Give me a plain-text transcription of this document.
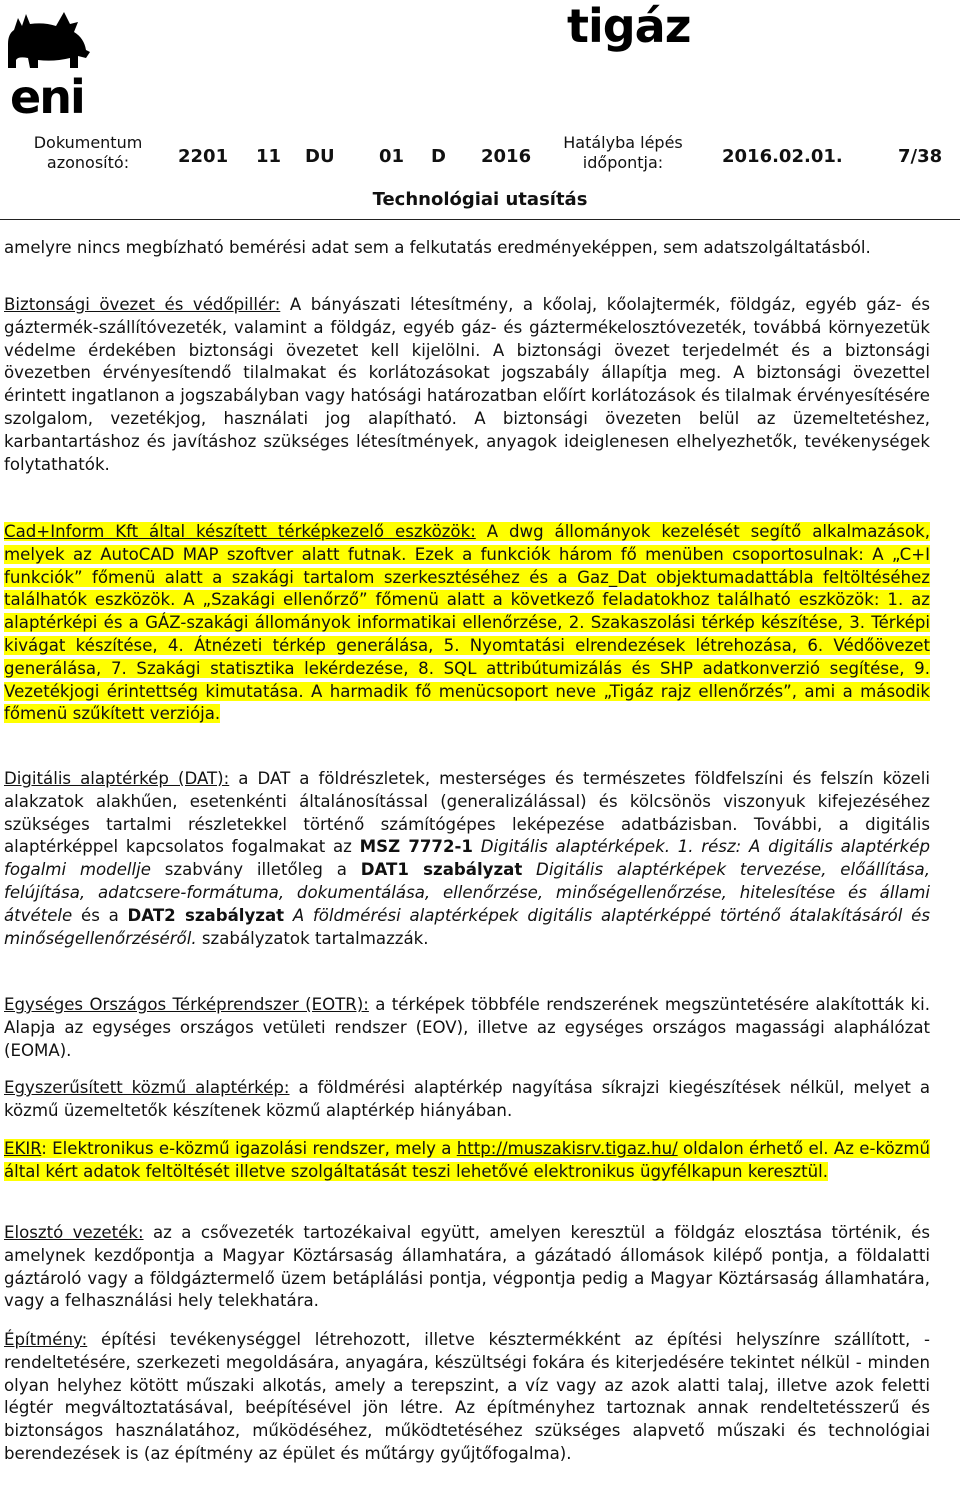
eni
tigáz
Dokumentum
azonosító:	2201 11 DU 01 D 2016
Hatályba lépés
időpontja:	2016.02.01.	7/38
Technológiai utasítás
amelyre nincs megbízható bemérési adat sem a felkutatás eredményeképpen, sem adatszolgáltatásból.
Biztonsági övezet és védőpillér: A bányászati létesítmény, a kőolaj, kőolajtermék, földgáz, egyéb gáz- és gáztermék-szállítóvezeték, valamint a földgáz, egyéb gáz- és gáztermékelosztóvezeték, továbbá környezetük védelme érdekében biztonsági övezetet kell kijelölni. A biztonsági övezet terjedelmét és a biztonsági övezetben érvényesítendő tilalmakat és korlátozásokat jogszabály állapítja meg. A biztonsági övezettel érintett ingatlanon a jogszabályban vagy hatósági határozatban előírt korlátozások és tilalmak érvényesítésére szolgalom, vezetékjog, használati jog alapítható. A biztonsági övezeten belül az üzemeltetéshez, karbantartáshoz és javításhoz szükséges létesítmények, anyagok ideiglenesen elhelyezhetők, tevékenységek folytathatók.
Cad+Inform Kft által készített térképkezelő eszközök: A dwg állományok kezelését segítő alkalmazások, melyek az AutoCAD MAP szoftver alatt futnak. Ezek a funkciók három fő menüben csoportosulnak: A „C+I funkciók” főmenü alatt a szakági tartalom szerkesztéséhez és a Gaz_Dat objektumadattábla feltöltéséhez találhatók eszközök. A „Szakági ellenőrző” főmenü alatt a következő feladatokhoz található eszközök: 1. az alaptérképi és a GÁZ-szakági állományok informatikai ellenőrzése, 2. Szakaszolási térkép készítése, 3. Térképi kivágat készítése, 4. Átnézeti térkép generálása, 5. Nyomtatási elrendezések létrehozása, 6. Védőövezet generálása, 7. Szakági statisztika lekérdezése, 8. SQL attribútumizálás és SHP adatkonverzió segítése, 9. Vezetékjogi érintettség kimutatása. A harmadik fő menücsoport neve „Tigáz rajz ellenőrzés”, ami a második főmenü szűkített verziója.
Digitális alaptérkép (DAT): a DAT a földrészletek, mesterséges és természetes földfelszíni és felszín közeli alakzatok alakhűen, esetenkénti általánosítással (generalizálással) és kölcsönös viszonyuk kifejezéséhez szükséges tartalmi részletekkel történő számítógépes leképezése adatbázisban. További, a digitális alaptérképpel kapcsolatos fogalmakat az MSZ 7772-1 Digitális alaptérképek. 1. rész: A digitális alaptérkép fogalmi modellje szabvány illetőleg a DAT1 szabályzat Digitális alaptérképek tervezése, előállítása, felújítása, adatcsere-formátuma, dokumentálása, ellenőrzése, minőségellenőrzése, hitelesítése és állami átvétele és a DAT2 szabályzat A földmérési alaptérképek digitális alaptérképpé történő átalakításáról és minőségellenőrzéséről. szabályzatok tartalmazzák.
Egységes Országos Térképrendszer (EOTR): a térképek többféle rendszerének megszüntetésére alakították ki. Alapja az egységes országos vetületi rendszer (EOV), illetve az egységes országos magassági alaphálózat (EOMA).
Egyszerűsített közmű alaptérkép: a földmérési alaptérkép nagyítása síkrajzi kiegészítések nélkül, melyet a közmű üzemeltetők készítenek közmű alaptérkép hiányában.
EKIR: Elektronikus e-közmű igazolási rendszer, mely a http://muszakisrv.tigaz.hu/ oldalon érhető el. Az e-közmű által kért adatok feltöltését illetve szolgáltatását teszi lehetővé elektronikus ügyfélkapun keresztül.
Elosztó vezeték: az a csővezeték tartozékaival együtt, amelyen keresztül a földgáz elosztása történik, és amelynek kezdőpontja a Magyar Köztársaság államhatára, a gázátadó állomások kilépő pontja, a földalatti gáztároló vagy a földgáztermelő üzem betáplálási pontja, végpontja pedig a Magyar Köztársaság államhatára, vagy a felhasználási hely telekhatára.
Építmény: építési tevékenységgel létrehozott, illetve késztermékként az építési helyszínre szállított, - rendeltetésére, szerkezeti megoldására, anyagára, készültségi fokára és kiterjedésére tekintet nélkül - minden olyan helyhez kötött műszaki alkotás, amely a terepszint, a víz vagy az azok alatti talaj, illetve azok feletti légtér megváltoztatásával, beépítésével jön létre. Az építményhez tartoznak annak rendeltetésszerű és biztonságos használatához, működéséhez, működtetéséhez szükséges alapvető műszaki és technológiai berendezések is (az építmény az épület és műtárgy gyűjtőfogalma).
